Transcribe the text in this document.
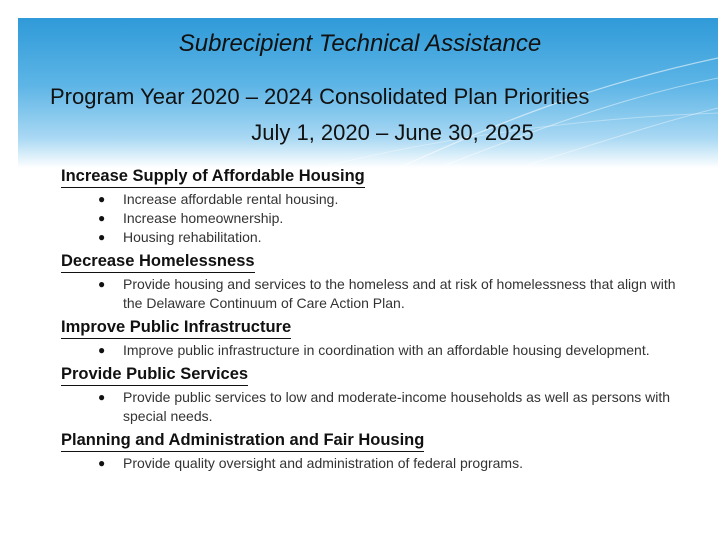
Subrecipient Technical Assistance
Program Year 2020 – 2024 Consolidated Plan Priorities
July 1, 2020 – June 30, 2025
Increase Supply of Affordable Housing
● Increase affordable rental housing.
● Increase homeownership.
● Housing rehabilitation.
Decrease Homelessness
● Provide housing and services to the homeless and at risk of homelessness that align with the Delaware Continuum of Care Action Plan.
Improve Public Infrastructure
● Improve public infrastructure in coordination with an affordable housing development.
Provide Public Services
● Provide public services to low and moderate-income households as well as persons with special needs.
Planning and Administration and Fair Housing
● Provide quality oversight and administration of federal programs.
